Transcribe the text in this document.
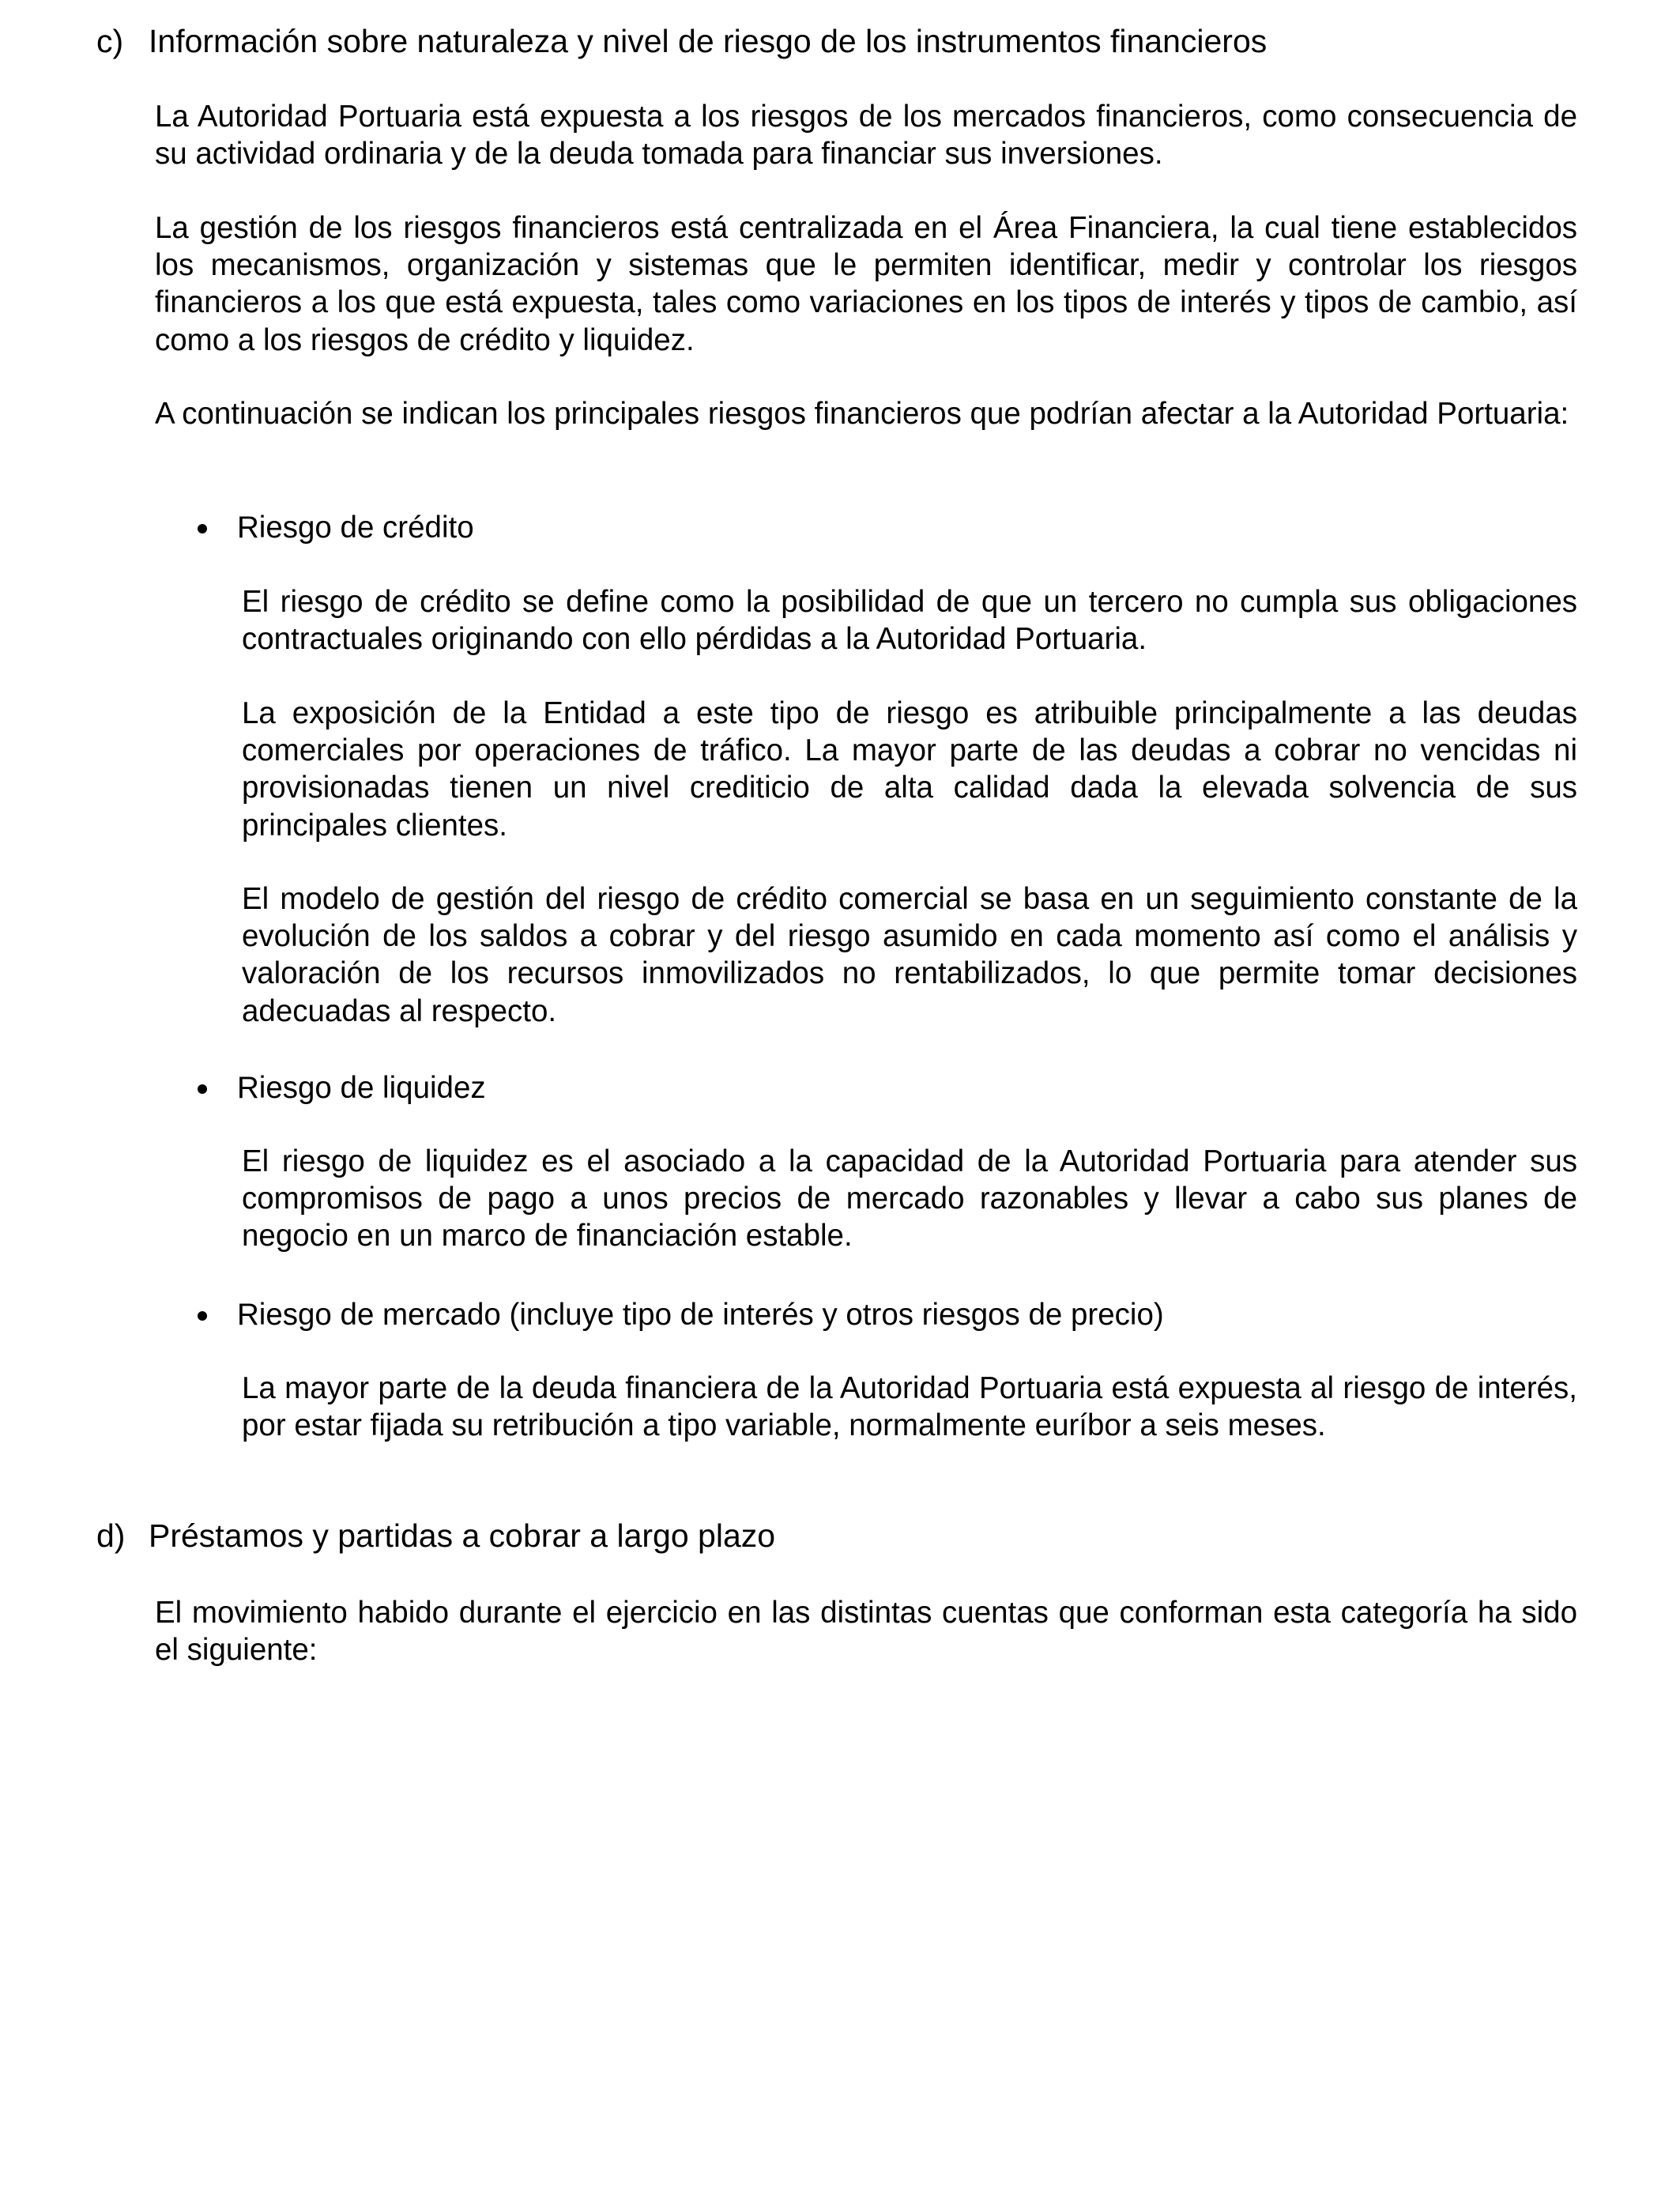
c) Información sobre naturaleza y nivel de riesgo de los instrumentos financieros

La Autoridad Portuaria está expuesta a los riesgos de los mercados financieros, como consecuencia de su actividad ordinaria y de la deuda tomada para financiar sus inversiones.

La gestión de los riesgos financieros está centralizada en el Área Financiera, la cual tiene establecidos los mecanismos, organización y sistemas que le permiten identificar, medir y controlar los riesgos financieros a los que está expuesta, tales como variaciones en los tipos de interés y tipos de cambio, así como a los riesgos de crédito y liquidez.

A continuación se indican los principales riesgos financieros que podrían afectar a la Autoridad Portuaria:

Riesgo de crédito

El riesgo de crédito se define como la posibilidad de que un tercero no cumpla sus obligaciones contractuales originando con ello pérdidas a la Autoridad Portuaria.

La exposición de la Entidad a este tipo de riesgo es atribuible principalmente a las deudas comerciales por operaciones de tráfico. La mayor parte de las deudas a cobrar no vencidas ni provisionadas tienen un nivel crediticio de alta calidad dada la elevada solvencia de sus principales clientes.

El modelo de gestión del riesgo de crédito comercial se basa en un seguimiento constante de la evolución de los saldos a cobrar y del riesgo asumido en cada momento así como el análisis y valoración de los recursos inmovilizados no rentabilizados, lo que permite tomar decisiones adecuadas al respecto.

Riesgo de liquidez

El riesgo de liquidez es el asociado a la capacidad de la Autoridad Portuaria para atender sus compromisos de pago a unos precios de mercado razonables y llevar a cabo sus planes de negocio en un marco de financiación estable.

Riesgo de mercado (incluye tipo de interés y otros riesgos de precio)

La mayor parte de la deuda financiera de la Autoridad Portuaria está expuesta al riesgo de interés, por estar fijada su retribución a tipo variable, normalmente euríbor a seis meses.

d) Préstamos y partidas a cobrar a largo plazo

El movimiento habido durante el ejercicio en las distintas cuentas que conforman esta categoría ha sido el siguiente:
